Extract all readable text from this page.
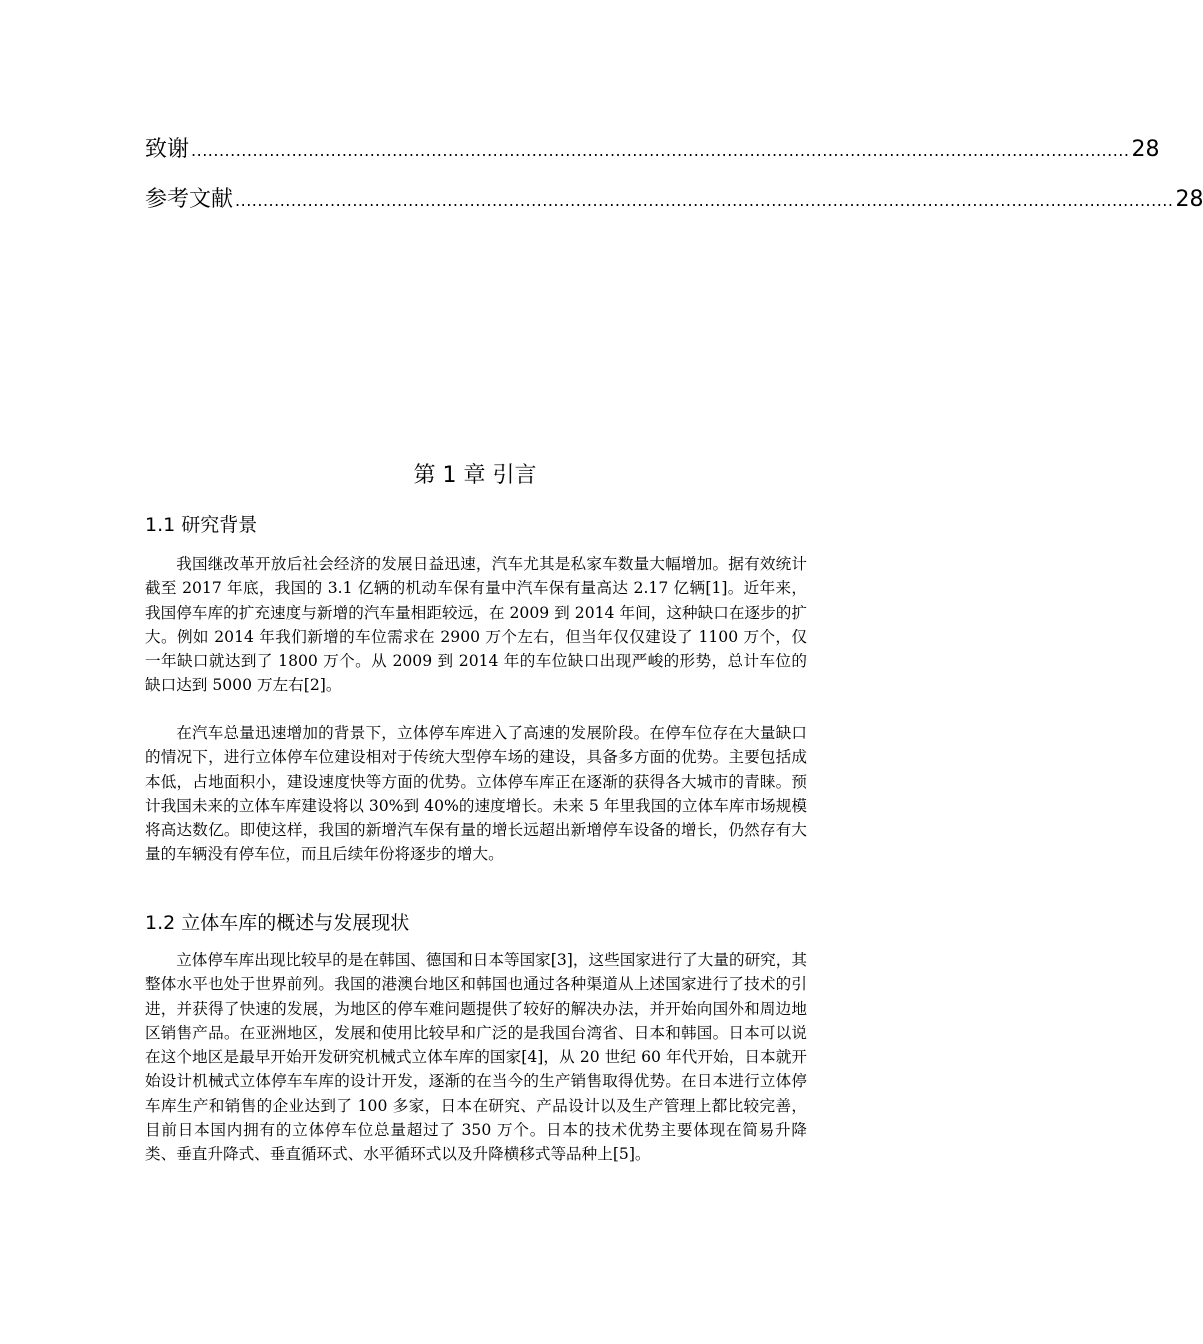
致谢 ........................................................................................................................................................................ 28
参考文献 ........................................................................................................................................................................ 28
第 1 章 引言
1.1 研究背景

我国继改革开放后社会经济的发展日益迅速，汽车尤其是私家车数量大幅增加。据有效统计截至 2017 年底，我国的 3.1 亿辆的机动车保有量中汽车保有量高达 2.17 亿辆[1]。近年来，我国停车库的扩充速度与新增的汽车量相距较远，在 2009 到 2014 年间，这种缺口在逐步的扩大。例如 2014 年我们新增的车位需求在 2900 万个左右，但当年仅仅建设了 1100 万个，仅一年缺口就达到了 1800 万个。从 2009 到 2014 年的车位缺口出现严峻的形势，总计车位的缺口达到 5000 万左右[2]。

在汽车总量迅速增加的背景下，立体停车库进入了高速的发展阶段。在停车位存在大量缺口的情况下，进行立体停车位建设相对于传统大型停车场的建设，具备多方面的优势。主要包括成本低，占地面积小，建设速度快等方面的优势。立体停车库正在逐渐的获得各大城市的青睐。预计我国未来的立体车库建设将以 30%到 40%的速度增长。未来 5 年里我国的立体车库市场规模将高达数亿。即使这样，我国的新增汽车保有量的增长远超出新增停车设备的增长，仍然存有大量的车辆没有停车位，而且后续年份将逐步的增大。

1.2 立体车库的概述与发展现状

立体停车库出现比较早的是在韩国、德国和日本等国家[3]，这些国家进行了大量的研究，其整体水平也处于世界前列。我国的港澳台地区和韩国也通过各种渠道从上述国家进行了技术的引进，并获得了快速的发展，为地区的停车难问题提供了较好的解决办法，并开始向国外和周边地区销售产品。在亚洲地区，发展和使用比较早和广泛的是我国台湾省、日本和韩国。日本可以说在这个地区是最早开始开发研究机械式立体车库的国家[4]，从 20 世纪 60 年代开始，日本就开始设计机械式立体停车车库的设计开发，逐渐的在当今的生产销售取得优势。在日本进行立体停车库生产和销售的企业达到了 100 多家，日本在研究、产品设计以及生产管理上都比较完善，目前日本国内拥有的立体停车位总量超过了 350 万个。日本的技术优势主要体现在简易升降类、垂直升降式、垂直循环式、水平循环式以及升降横移式等品种上[5]。
